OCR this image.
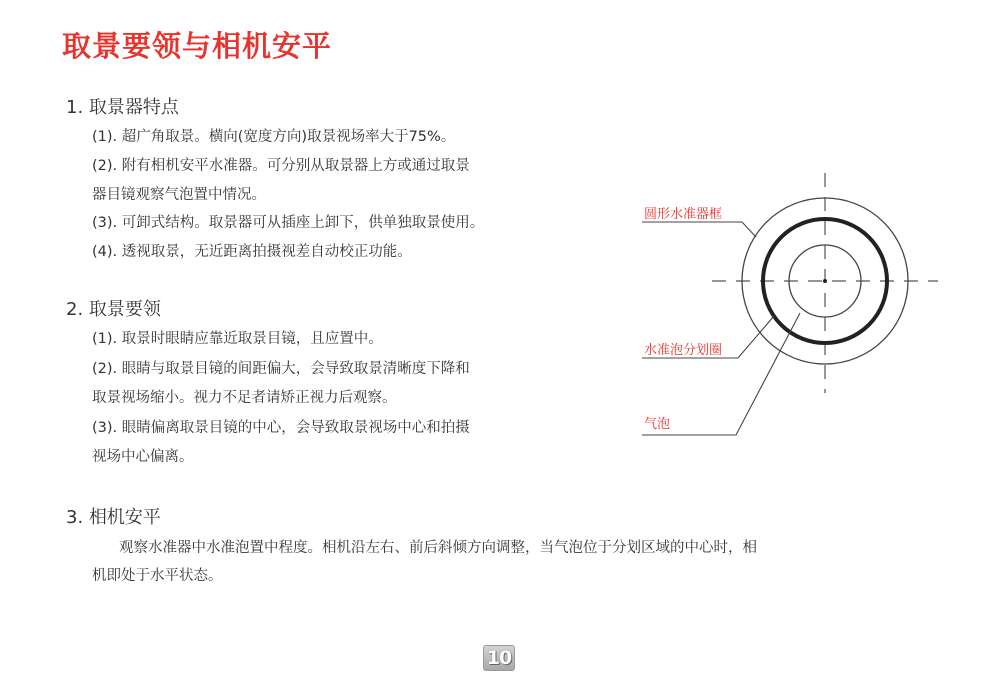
取景要领与相机安平
1. 取景器特点
(1). 超广角取景。横向(宽度方向)取景视场率大于75%。
(2). 附有相机安平水准器。可分别从取景器上方或通过取景
器目镜观察气泡置中情况。
(3). 可卸式结构。取景器可从插座上卸下，供单独取景使用。
(4). 透视取景，无近距离拍摄视差自动校正功能。
2. 取景要领
(1). 取景时眼睛应靠近取景目镜，且应置中。
(2). 眼睛与取景目镜的间距偏大，会导致取景清晰度下降和
取景视场缩小。视力不足者请矫正视力后观察。
(3). 眼睛偏离取景目镜的中心，会导致取景视场中心和拍摄
视场中心偏离。
3. 相机安平
观察水准器中水准泡置中程度。相机沿左右、前后斜倾方向调整，当气泡位于分划区域的中心时，相
机即处于水平状态。
圆形水准器框
水准泡分划圈
气泡
10
